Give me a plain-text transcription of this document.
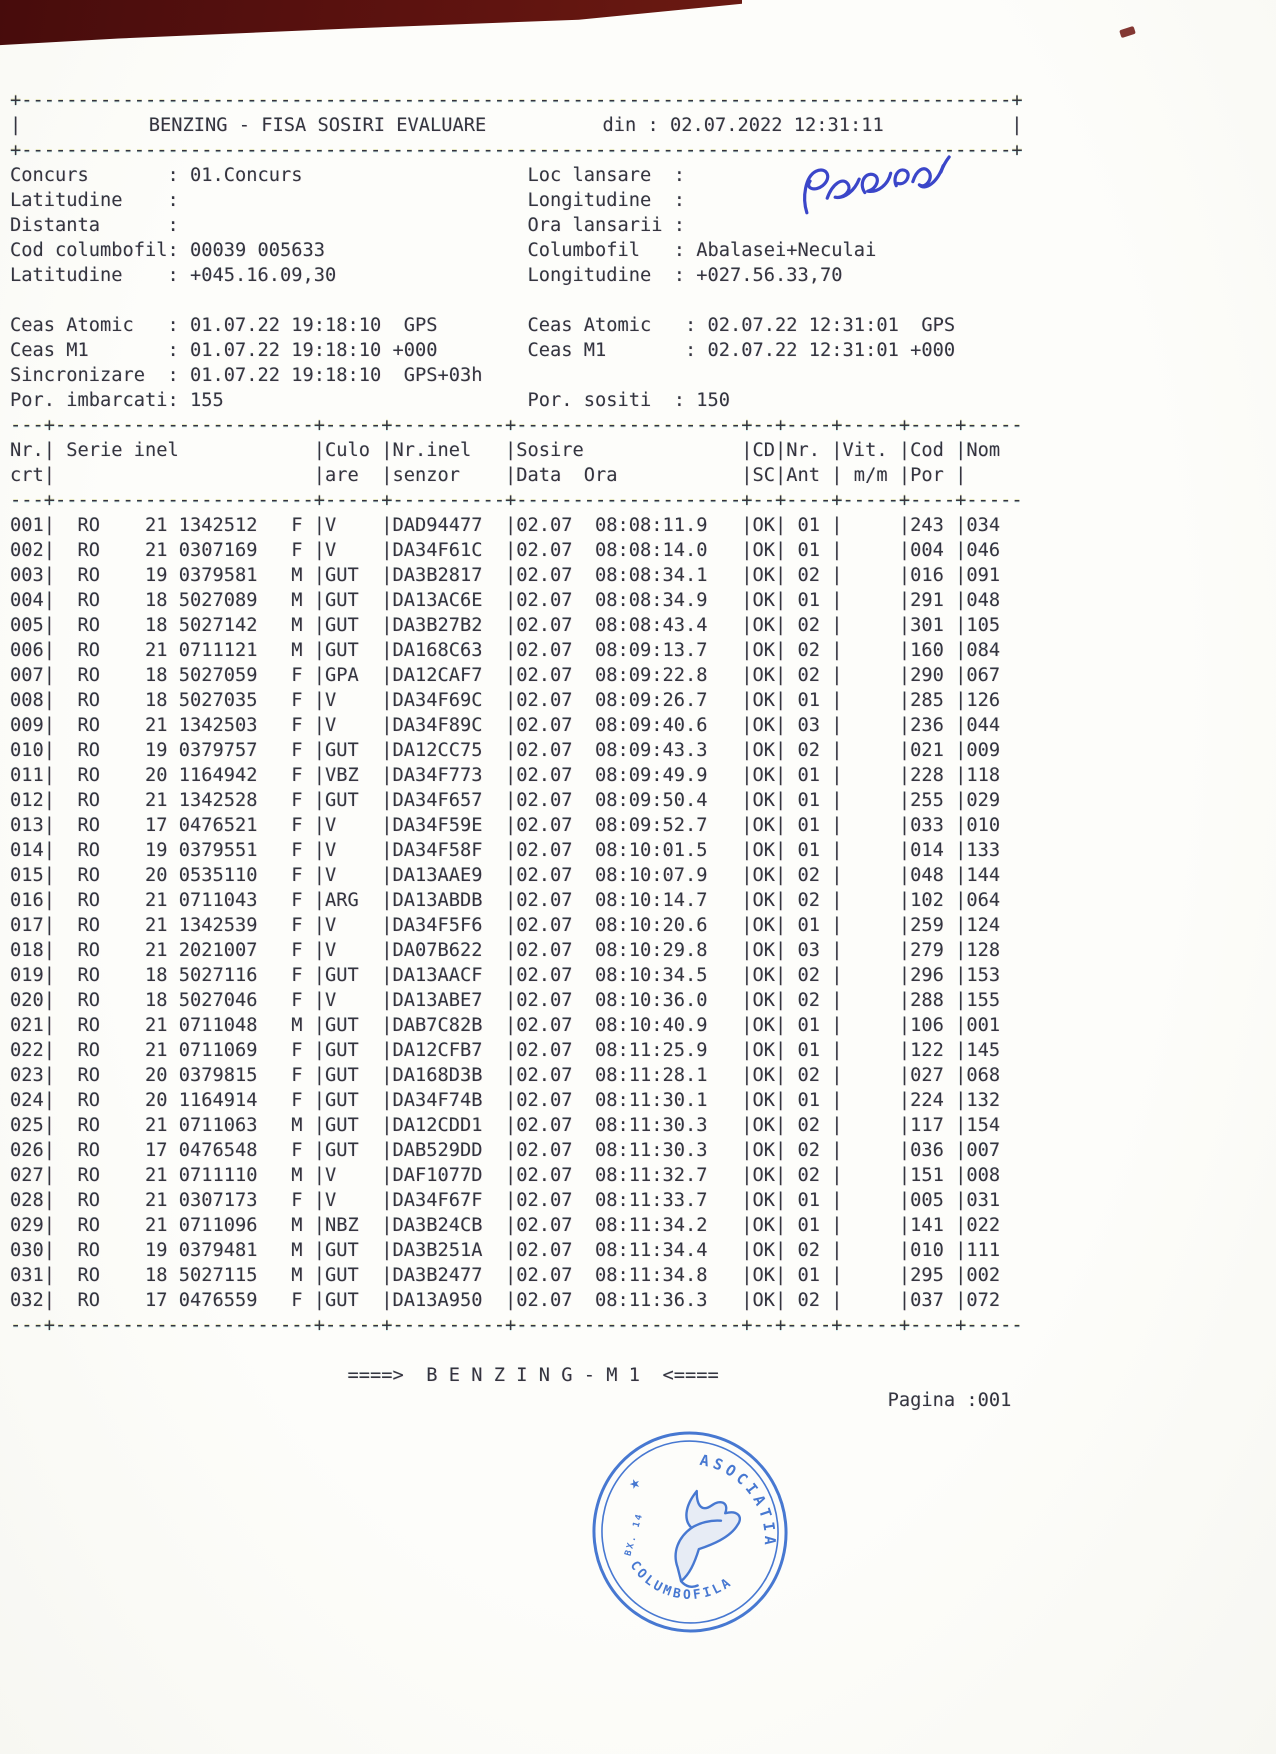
+----------------------------------------------------------------------------------------+
| BENZING - FISA SOSIRI EVALUARE	din : 02.07.2022 12:31:11
|
+----------------------------------------------------------------------------------------+
Concurs       : 01.Concurs                    Loc lansare  :
Latitudine    :                               Longitudine  :
Distanta      :                               Ora lansarii :
Cod columbofil: 00039 005633                  Columbofil   : Abalasei+Neculai
Latitudine    : +045.16.09,30                 Longitudine  : +027.56.33,70

Ceas Atomic   : 01.07.22 19:18:10  GPS        Ceas Atomic   : 02.07.22 12:31:01  GPS
Ceas M1       : 01.07.22 19:18:10 +000        Ceas M1       : 02.07.22 12:31:01 +000
Sincronizare  : 01.07.22 19:18:10  GPS+03h
Por. imbarcati: 155                           Por. sositi  : 150
---+-----------------------+-----+----------+--------------------+--+----+-----+----+-----
Nr.| Serie inel            |Culo |Nr.inel   |Sosire              |CD|Nr. |Vit. |Cod |Nom
crt|                       |are  |senzor    |Data  Ora           |SC|Ant | m/m |Por |
---+-----------------------+-----+----------+--------------------+--+----+-----+----+-----
001|  RO    21 1342512   F |V    |DAD94477  |02.07  08:08:11.9   |OK| 01 |     |243 |034
002|  RO    21 0307169   F |V    |DA34F61C  |02.07  08:08:14.0   |OK| 01 |     |004 |046
003|  RO    19 0379581   M |GUT  |DA3B2817  |02.07  08:08:34.1   |OK| 02 |     |016 |091
004|  RO    18 5027089   M |GUT  |DA13AC6E  |02.07  08:08:34.9   |OK| 01 |     |291 |048
005|  RO    18 5027142   M |GUT  |DA3B27B2  |02.07  08:08:43.4   |OK| 02 |     |301 |105
006|  RO    21 0711121   M |GUT  |DA168C63  |02.07  08:09:13.7   |OK| 02 |     |160 |084
007|  RO    18 5027059   F |GPA  |DA12CAF7  |02.07  08:09:22.8   |OK| 02 |     |290 |067
008|  RO    18 5027035   F |V    |DA34F69C  |02.07  08:09:26.7   |OK| 01 |     |285 |126
009|  RO    21 1342503   F |V    |DA34F89C  |02.07  08:09:40.6   |OK| 03 |     |236 |044
010|  RO    19 0379757   F |GUT  |DA12CC75  |02.07  08:09:43.3   |OK| 02 |     |021 |009
011|  RO    20 1164942   F |VBZ  |DA34F773  |02.07  08:09:49.9   |OK| 01 |     |228 |118
012|  RO    21 1342528   F |GUT  |DA34F657  |02.07  08:09:50.4   |OK| 01 |     |255 |029
013|  RO    17 0476521   F |V    |DA34F59E  |02.07  08:09:52.7   |OK| 01 |     |033 |010
014|  RO    19 0379551   F |V    |DA34F58F  |02.07  08:10:01.5   |OK| 01 |     |014 |133
015|  RO    20 0535110   F |V    |DA13AAE9  |02.07  08:10:07.9   |OK| 02 |     |048 |144
016|  RO    21 0711043   F |ARG  |DA13ABDB  |02.07  08:10:14.7   |OK| 02 |     |102 |064
017|  RO    21 1342539   F |V    |DA34F5F6  |02.07  08:10:20.6   |OK| 01 |     |259 |124
018|  RO    21 2021007   F |V    |DA07B622  |02.07  08:10:29.8   |OK| 03 |     |279 |128
019|  RO    18 5027116   F |GUT  |DA13AACF  |02.07  08:10:34.5   |OK| 02 |     |296 |153
020|  RO    18 5027046   F |V    |DA13ABE7  |02.07  08:10:36.0   |OK| 02 |     |288 |155
021|  RO    21 0711048   M |GUT  |DAB7C82B  |02.07  08:10:40.9   |OK| 01 |     |106 |001
022|  RO    21 0711069   F |GUT  |DA12CFB7  |02.07  08:11:25.9   |OK| 01 |     |122 |145
023|  RO    20 0379815   F |GUT  |DA168D3B  |02.07  08:11:28.1   |OK| 02 |     |027 |068
024|  RO    20 1164914   F |GUT  |DA34F74B  |02.07  08:11:30.1   |OK| 01 |     |224 |132
025|  RO    21 0711063   M |GUT  |DA12CDD1  |02.07  08:11:30.3   |OK| 02 |     |117 |154
026|  RO    17 0476548   F |GUT  |DAB529DD  |02.07  08:11:30.3   |OK| 02 |     |036 |007
027|  RO    21 0711110   M |V    |DAF1077D  |02.07  08:11:32.7   |OK| 02 |     |151 |008
028|  RO    21 0307173   F |V    |DA34F67F  |02.07  08:11:33.7   |OK| 01 |     |005 |031
029|  RO    21 0711096   M |NBZ  |DA3B24CB  |02.07  08:11:34.2   |OK| 01 |     |141 |022
030|  RO    19 0379481   M |GUT  |DA3B251A  |02.07  08:11:34.4   |OK| 02 |     |010 |111
031|  RO    18 5027115   M |GUT  |DA3B2477  |02.07  08:11:34.8   |OK| 01 |     |295 |002
032|  RO    17 0476559   F |GUT  |DA13A950  |02.07  08:11:36.3   |OK| 02 |     |037 |072
---+-----------------------+-----+----------+--------------------+--+----+-----+----+-----

====>  B E N Z I N G - M 1  <====

Pagina :001

ASOCIATIA
COLUMBOFILA
★
BX. 14
